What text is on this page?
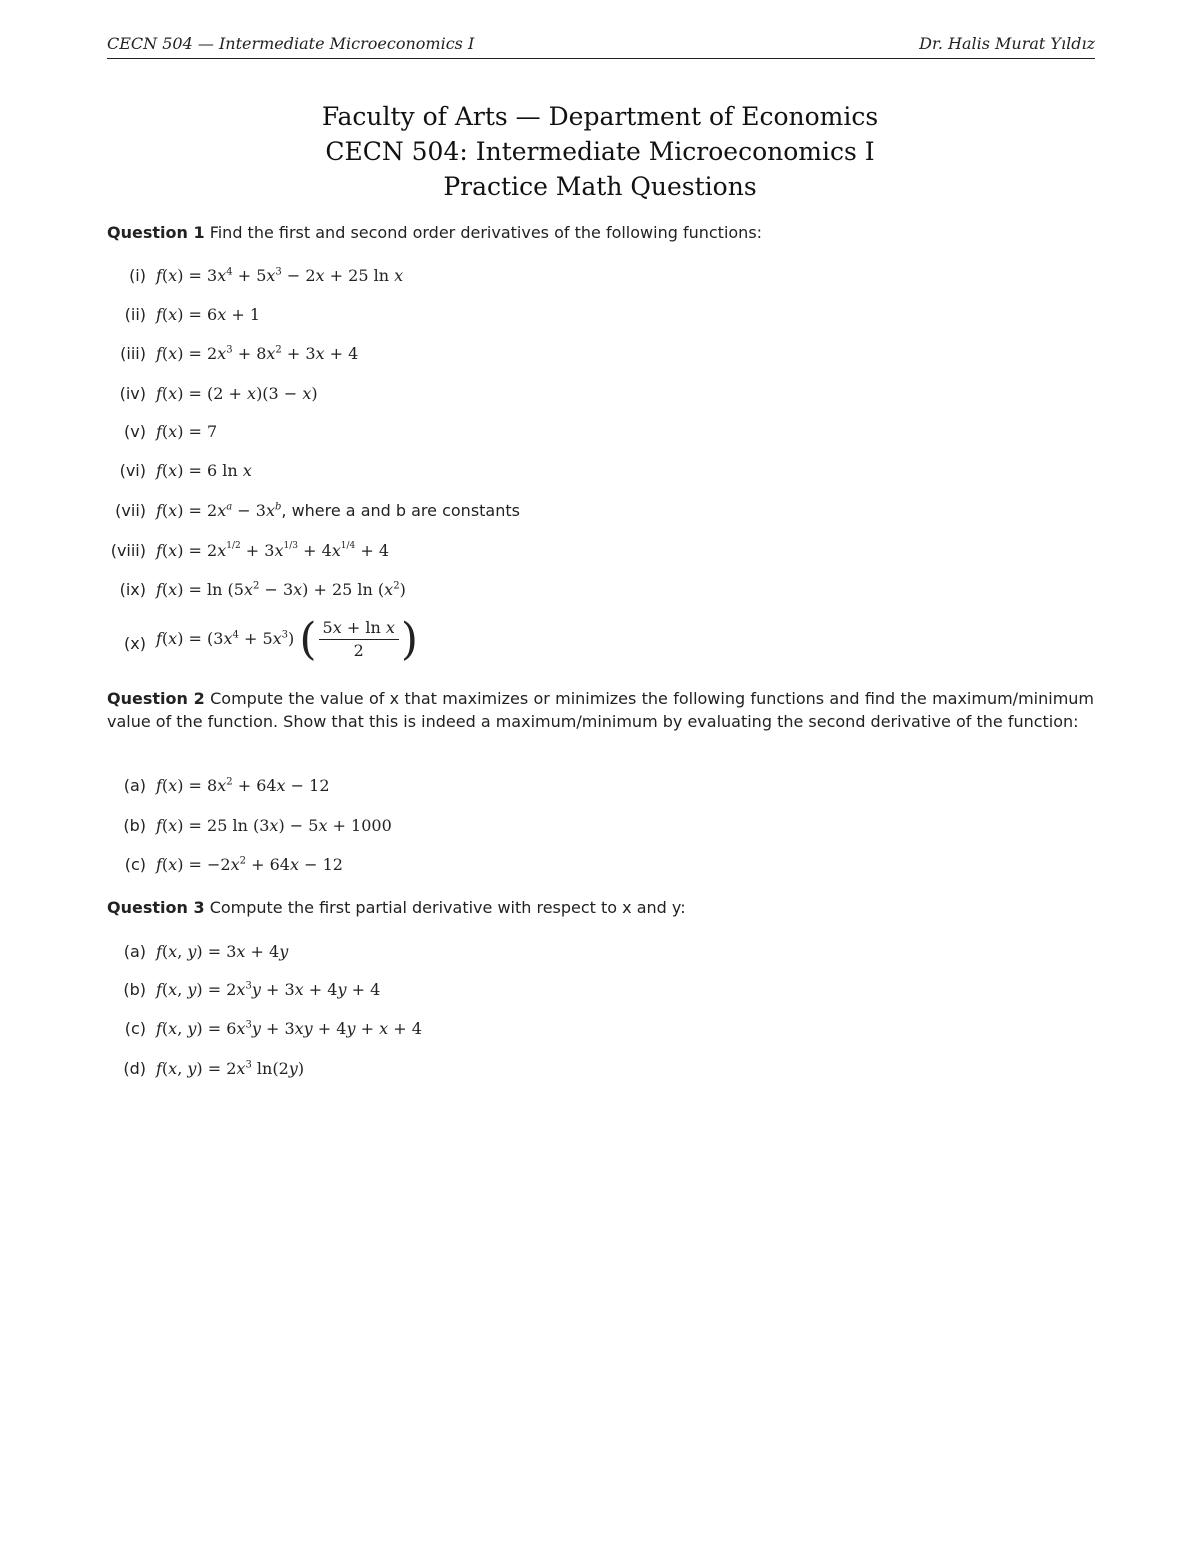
CECN 504 — Intermediate Microeconomics I	Dr. Halis Murat Yıldız
Faculty of Arts — Department of Economics
CECN 504: Intermediate Microeconomics I
Practice Math Questions
Question 1 Find the first and second order derivatives of the following functions:
(i) $f(x) = 3x^4 + 5x^3 - 2x + 25$ ln x
(ii) f(x) = 6x + 1
(iii) $f(x) = 2x^3 + 8x^2 + 3x + 4$
(iv) f(x) = (2 + x)(3 − x)
(v) f(x) = 7
(vi) f(x) = 6 ln x
(vii) $f(x) = 2x^a - 3x^b$, where a and b are constants
(viii) $f(x) = 2x^{1/2} + 3x^{1/3} + 4x^{1/4} + 4$
(ix) $f(x) = \ln (5x^2 - 3x) + 25$ $\ln (x^2)$
(x) $f(x) = (3x^4 + 5x^3)$ ( $\frac{\text{5x + ln x}}{2}$ )
Question 2 Compute the value of x that maximizes or minimizes the following functions and find the maximum/minimum value of the function. Show that this is indeed a maximum/minimum by evaluating the second derivative of the function:
(a) $f(x) = 8x^2 + 64x - 12$
(b) f(x) = 25 ln (3x) − 5x + 1000
(c) $f(x) = -2x^2 + 64x - 12$
Question 3 Compute the first partial derivative with respect to x and y:
(a) f(x, y) = 3x + 4y
(b) f(x, $y) = 2x^3y + 3x + 4y + 4$
(c) f(x, $y) = 6x^3y + 3xy + 4y + x + 4$
(d) f(x, $y) = 2x^3$ ln(2y)
